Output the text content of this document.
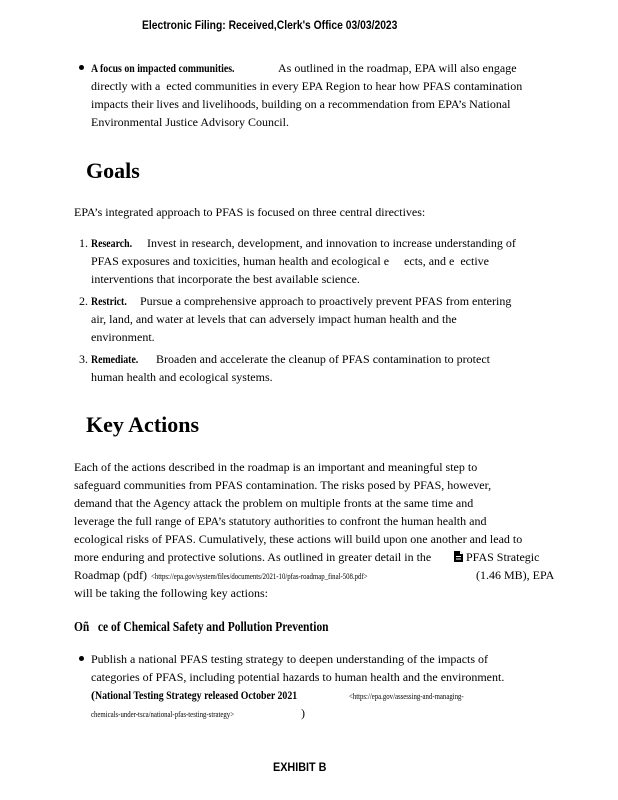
Electronic Filing: Received,Clerk's Office 03/03/2023
A focus on impacted communities.	As outlined in the roadmap, EPA will also engage
directly with a  ected communities in every EPA Region to hear how PFAS contamination
impacts their lives and livelihoods, building on a recommendation from EPA’s National
Environmental Justice Advisory Council.
Goals
EPA’s integrated approach to PFAS is focused on three central directives:
1. Research.	Invest in research, development, and innovation to increase understanding of
PFAS exposures and toxicities, human health and ecological e     ects, and e  ective
interventions that incorporate the best available science.
2. Restrict.	Pursue a comprehensive approach to proactively prevent PFAS from entering
air, land, and water at levels that can adversely impact human health and the
environment.
3. Remediate.	Broaden and accelerate the cleanup of PFAS contamination to protect
human health and ecological systems.
Key Actions
Each of the actions described in the roadmap is an important and meaningful step to
safeguard communities from PFAS contamination. The risks posed by PFAS, however,
demand that the Agency attack the problem on multiple fronts at the same time and
leverage the full range of EPA’s statutory authorities to confront the human health and
ecological risks of PFAS. Cumulatively, these actions will build upon one another and lead to
more enduring and protective solutions. As outlined in greater detail in the	PFAS Strategic
Roadmap (pdf) <https://epa.gov/system/files/documents/2021-10/pfas-roadmap_final-508.pdf>	(1.46 MB), EPA
will be taking the following key actions:
Oñ   ce of Chemical Safety and Pollution Prevention
Publish a national PFAS testing strategy to deepen understanding of the impacts of
categories of PFAS, including potential hazards to human health and the environment.
(National Testing Strategy released October 2021	<https://epa.gov/assessing-and-managing-
chemicals-under-tsca/national-pfas-testing-strategy>	)
EXHIBIT B
